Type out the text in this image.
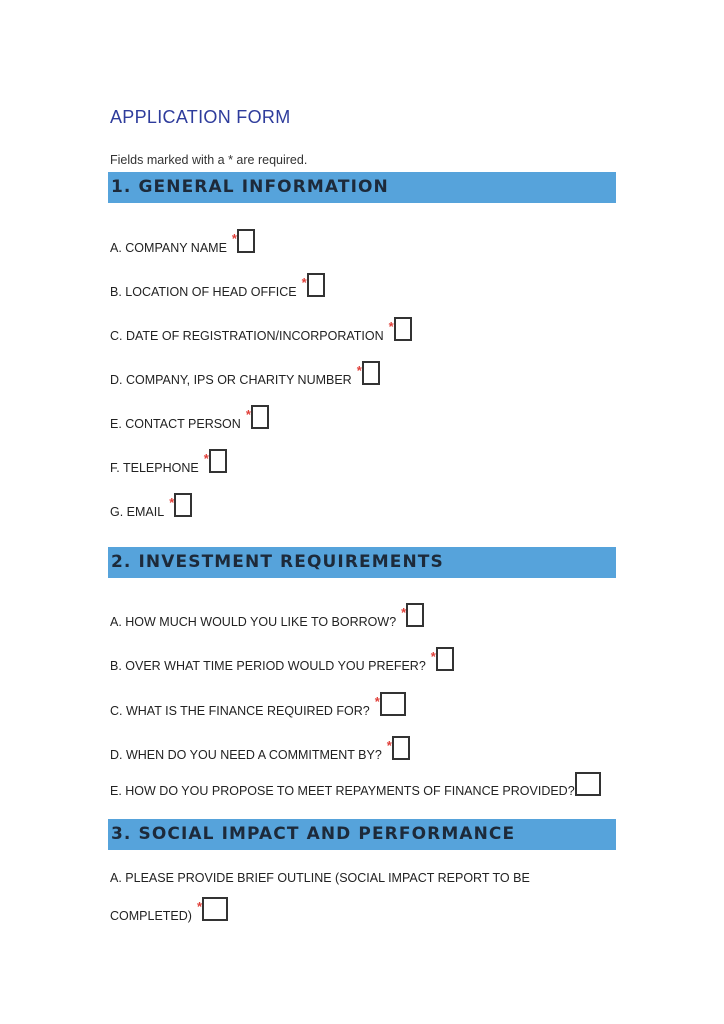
APPLICATION FORM
Fields marked with a * are required.
1. GENERAL INFORMATION
A. COMPANY NAME*
B. LOCATION OF HEAD OFFICE*
C. DATE OF REGISTRATION/INCORPORATION*
D. COMPANY, IPS OR CHARITY NUMBER*
E. CONTACT PERSON*
F. TELEPHONE*
G. EMAIL*
2. INVESTMENT REQUIREMENTS
A. HOW MUCH WOULD YOU LIKE TO BORROW?*
B. OVER WHAT TIME PERIOD WOULD YOU PREFER?*
C. WHAT IS THE FINANCE REQUIRED FOR?*
D. WHEN DO YOU NEED A COMMITMENT BY?*
E. HOW DO YOU PROPOSE TO MEET REPAYMENTS OF FINANCE PROVIDED?
3. SOCIAL IMPACT AND PERFORMANCE
A. PLEASE PROVIDE BRIEF OUTLINE (SOCIAL IMPACT REPORT TO BE
COMPLETED)*
